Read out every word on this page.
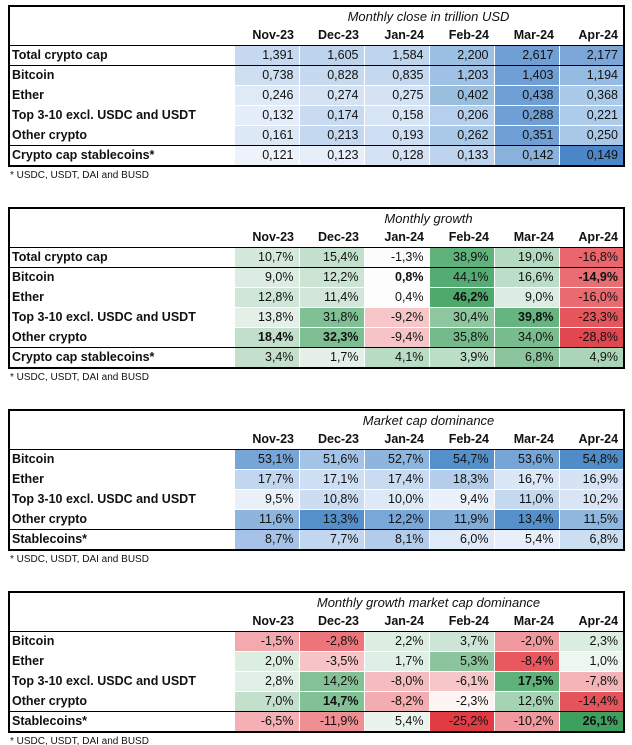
	Monthly close in trillion USD					
	Nov-23	Dec-23	Jan-24	Feb-24	Mar-24	Apr-24
Total crypto cap	1,391	1,605	1,584	2,200	2,617	2,177
Bitcoin	0,738	0,828	0,835	1,203	1,403	1,194
Ether	0,246	0,274	0,275	0,402	0,438	0,368
Top 3-10 excl. USDC and USDT	0,132	0,174	0,158	0,206	0,288	0,221
Other crypto	0,161	0,213	0,193	0,262	0,351	0,250
Crypto cap stablecoins*	0,121	0,123	0,128	0,133	0,142	0,149
* USDC, USDT, DAI and BUSD
	Monthly growth					
	Nov-23	Dec-23	Jan-24	Feb-24	Mar-24	Apr-24
Total crypto cap	10,7%	15,4%	-1,3%	38,9%	19,0%	-16,8%
Bitcoin	9,0%	12,2%	0,8%	44,1%	16,6%	-14,9%
Ether	12,8%	11,4%	0,4%	46,2%	9,0%	-16,0%
Top 3-10 excl. USDC and USDT	13,8%	31,8%	-9,2%	30,4%	39,8%	-23,3%
Other crypto	18,4%	32,3%	-9,4%	35,8%	34,0%	-28,8%
Crypto cap stablecoins*	3,4%	1,7%	4,1%	3,9%	6,8%	4,9%
* USDC, USDT, DAI and BUSD
	Market cap dominance					
	Nov-23	Dec-23	Jan-24	Feb-24	Mar-24	Apr-24
Bitcoin	53,1%	51,6%	52,7%	54,7%	53,6%	54,8%
Ether	17,7%	17,1%	17,4%	18,3%	16,7%	16,9%
Top 3-10 excl. USDC and USDT	9,5%	10,8%	10,0%	9,4%	11,0%	10,2%
Other crypto	11,6%	13,3%	12,2%	11,9%	13,4%	11,5%
Stablecoins*	8,7%	7,7%	8,1%	6,0%	5,4%	6,8%
* USDC, USDT, DAI and BUSD
	Monthly growth market cap dominance					
	Nov-23	Dec-23	Jan-24	Feb-24	Mar-24	Apr-24
Bitcoin	-1,5%	-2,8%	2,2%	3,7%	-2,0%	2,3%
Ether	2,0%	-3,5%	1,7%	5,3%	-8,4%	1,0%
Top 3-10 excl. USDC and USDT	2,8%	14,2%	-8,0%	-6,1%	17,5%	-7,8%
Other crypto	7,0%	14,7%	-8,2%	-2,3%	12,6%	-14,4%
Stablecoins*	-6,5%	-11,9%	5,4%	-25,2%	-10,2%	26,1%
* USDC, USDT, DAI and BUSD
